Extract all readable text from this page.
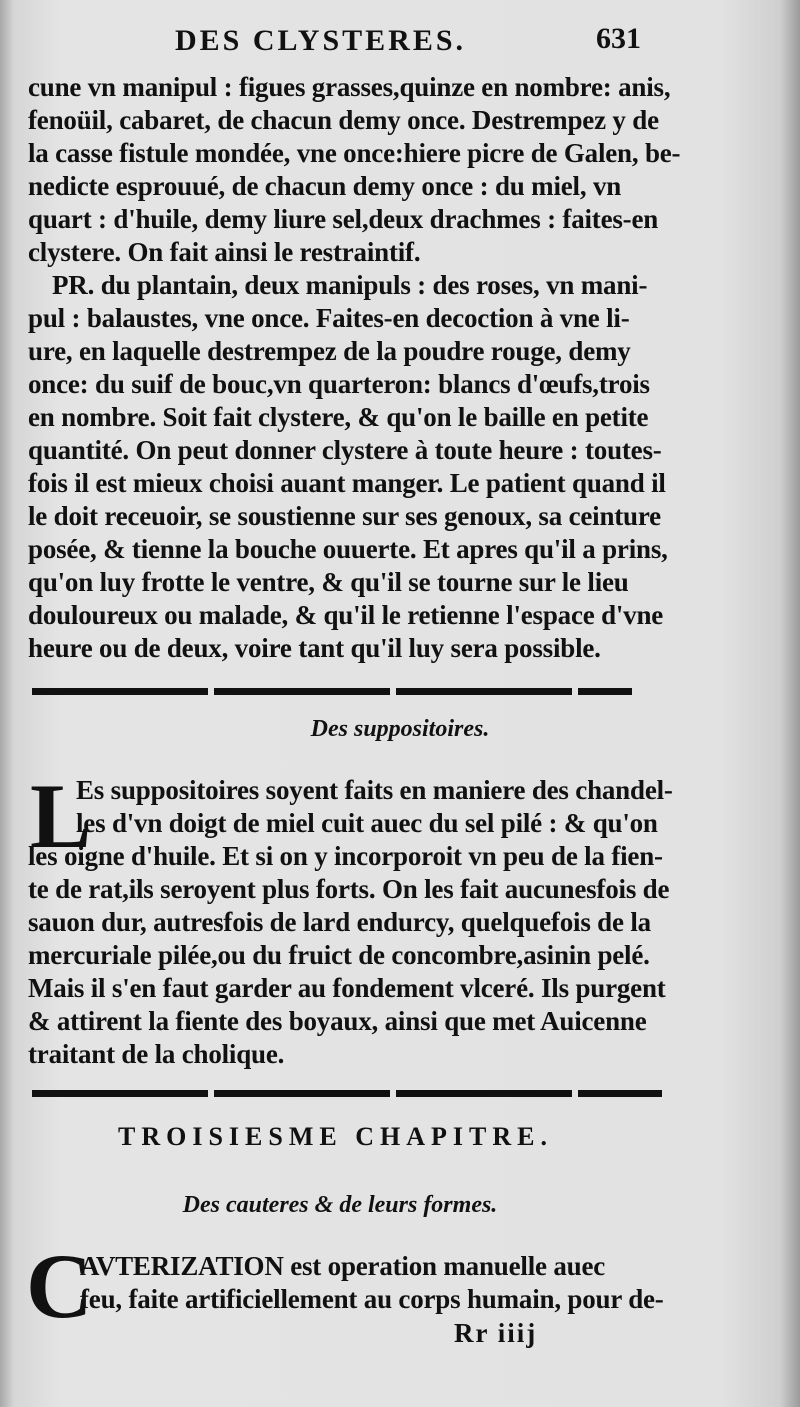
DES CLYSTERES.	631
cune vn manipul : figues grasses,quinze en nombre: anis,
fenoüil, cabaret, de chacun demy once. Destrempez y de
la casse fistule mondée, vne once:hiere picre de Galen, be-
nedicte esprouué, de chacun demy once : du miel, vn
quart : d'huile, demy liure sel,deux drachmes : faites-en
clystere. On fait ainsi le restraintif.
PR. du plantain, deux manipuls : des roses, vn mani-
pul : balaustes, vne once. Faites-en decoction à vne li-
ure, en laquelle destrempez de la poudre rouge, demy
once: du suif de bouc,vn quarteron: blancs d'œufs,trois
en nombre. Soit fait clystere, & qu'on le baille en petite
quantité. On peut donner clystere à toute heure : toutes-
fois il est mieux choisi auant manger. Le patient quand il
le doit receuoir, se soustienne sur ses genoux, sa ceinture
posée, & tienne la bouche ouuerte. Et apres qu'il a prins,
qu'on luy frotte le ventre, & qu'il se tourne sur le lieu
douloureux ou malade, & qu'il le retienne l'espace d'vne
heure ou de deux, voire tant qu'il luy sera possible.
Des suppositoires.
L
Es suppositoires soyent faits en maniere des chandel-
les d'vn doigt de miel cuit auec du sel pilé : & qu'on
les oigne d'huile. Et si on y incorporoit vn peu de la fien-
te de rat,ils seroyent plus forts. On les fait aucunesfois de
sauon dur, autresfois de lard endurcy, quelquefois de la
mercuriale pilée,ou du fruict de concombre,asinin pelé.
Mais il s'en faut garder au fondement vlceré. Ils purgent
& attirent la fiente des boyaux, ainsi que met Auicenne
traitant de la cholique.
TROISIESME CHAPITRE.
Des cauteres & de leurs formes.
C
AVTERIZATION est operation manuelle auec
feu, faite artificiellement au corps humain, pour de-
Rr iiij
